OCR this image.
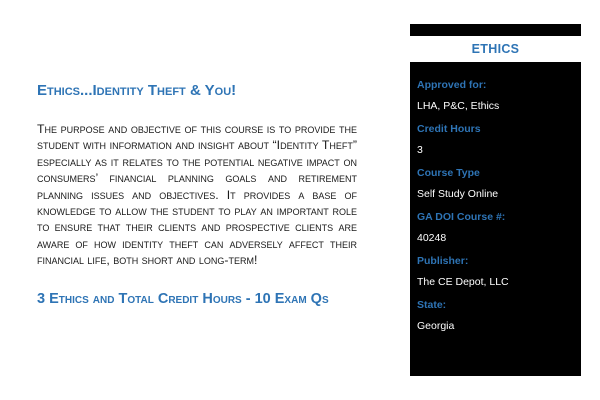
Ethics...Identity Theft & You!

The purpose and objective of this course is to provide the student with information and insight about “Identity Theft” especially as it relates to the potential negative impact on consumers’ financial planning goals and retirement planning issues and objectives. It provides a base of knowledge to allow the student to play an important role to ensure that their clients and prospective clients are aware of how identity theft can adversely affect their financial life, both short and long-term!

3 Ethics and Total Credit Hours - 10 Exam Qs
ETHICS
Approved for:
LHA, P&C, Ethics
Credit Hours
3
Course Type
Self Study Online
GA DOI Course #:
40248
Publisher:
The CE Depot, LLC
State:
Georgia
